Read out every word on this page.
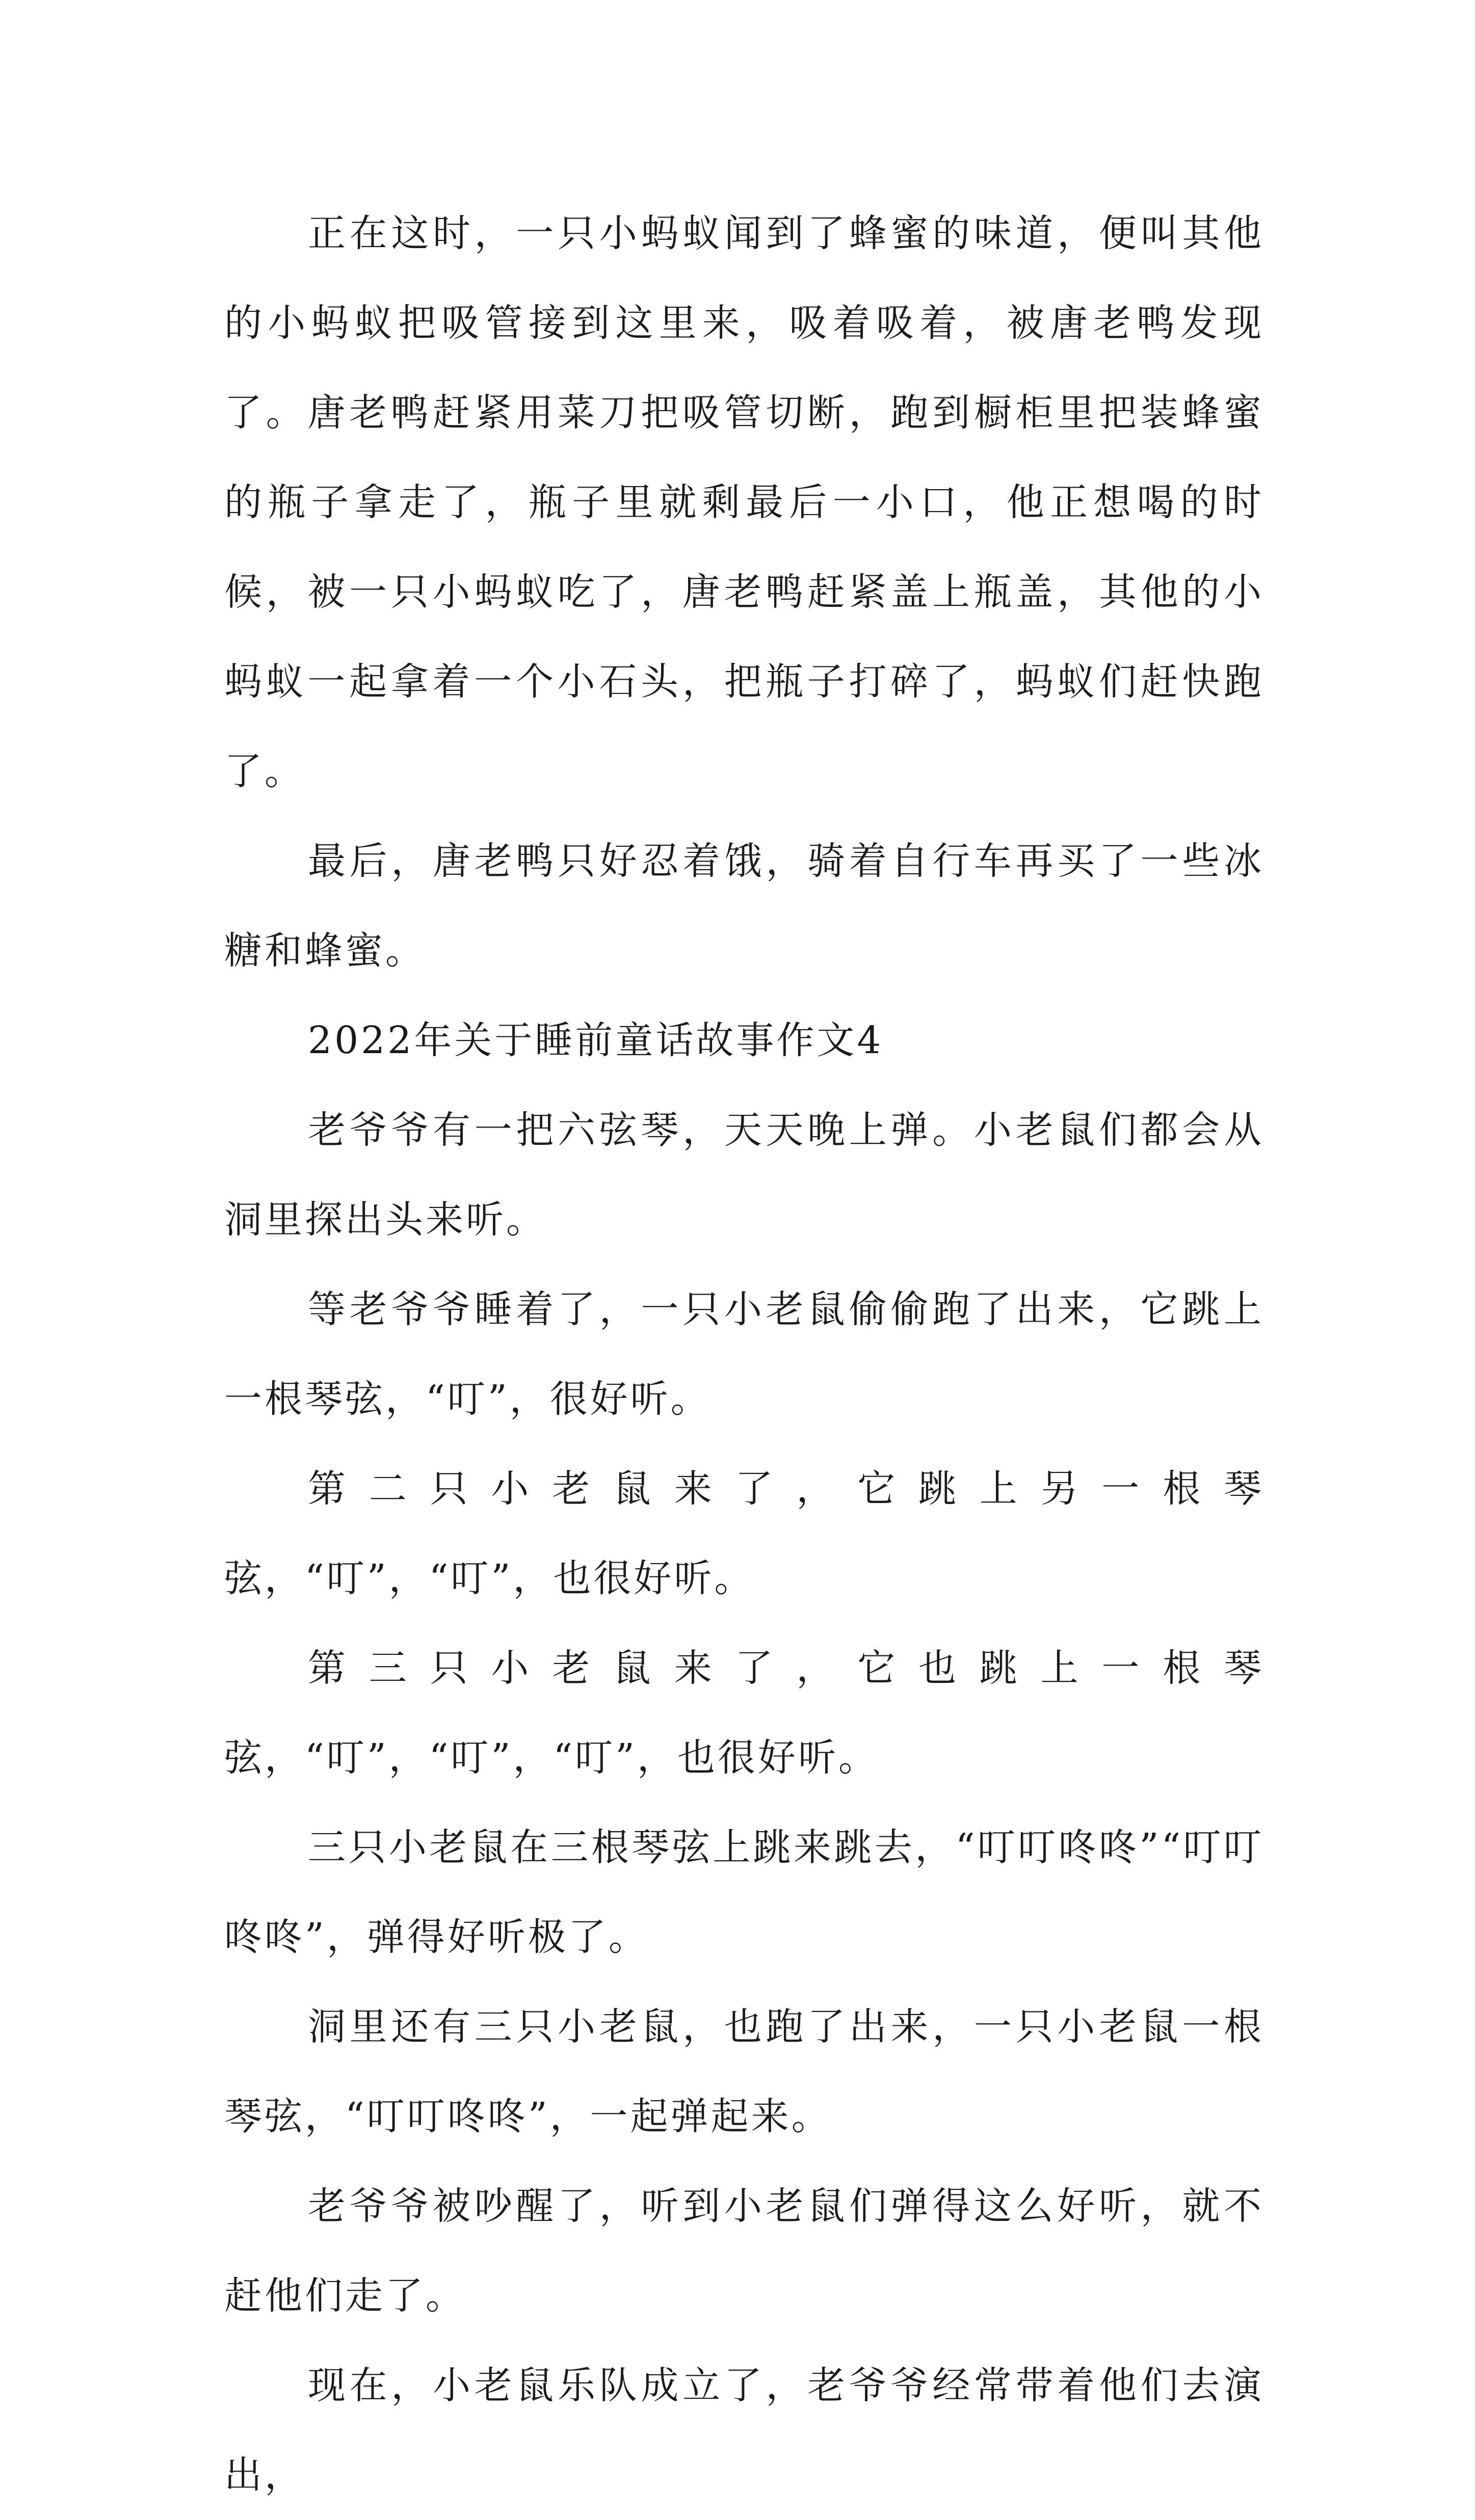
正在这时，一只小蚂蚁闻到了蜂蜜的味道，便叫其他的小蚂蚁把吸管接到这里来，吸着吸着，被唐老鸭发现了。唐老鸭赶紧用菜刀把吸管切断，跑到橱柜里把装蜂蜜的瓶子拿走了，瓶子里就剩最后一小口，他正想喝的时候，被一只小蚂蚁吃了，唐老鸭赶紧盖上瓶盖，其他的小蚂蚁一起拿着一个小石头，把瓶子打碎了，蚂蚁们赶快跑了。

最后，唐老鸭只好忍着饿，骑着自行车再买了一些冰糖和蜂蜜。

2022年关于睡前童话故事作文4

老爷爷有一把六弦琴，天天晚上弹。小老鼠们都会从洞里探出头来听。

等老爷爷睡着了，一只小老鼠偷偷跑了出来，它跳上一根琴弦，“叮”，很好听。

第二只小老鼠来了，它跳上另一根琴弦，“叮”，“叮”，也很好听。

第三只小老鼠来了，它也跳上一根琴弦，“叮”，“叮”，“叮”，也很好听。

三只小老鼠在三根琴弦上跳来跳去，“叮叮咚咚”“叮叮咚咚”，弹得好听极了。

洞里还有三只小老鼠，也跑了出来，一只小老鼠一根琴弦，“叮叮咚咚”，一起弹起来。

老爷爷被吵醒了，听到小老鼠们弹得这么好听，就不赶他们走了。

现在，小老鼠乐队成立了，老爷爷经常带着他们去演出，
